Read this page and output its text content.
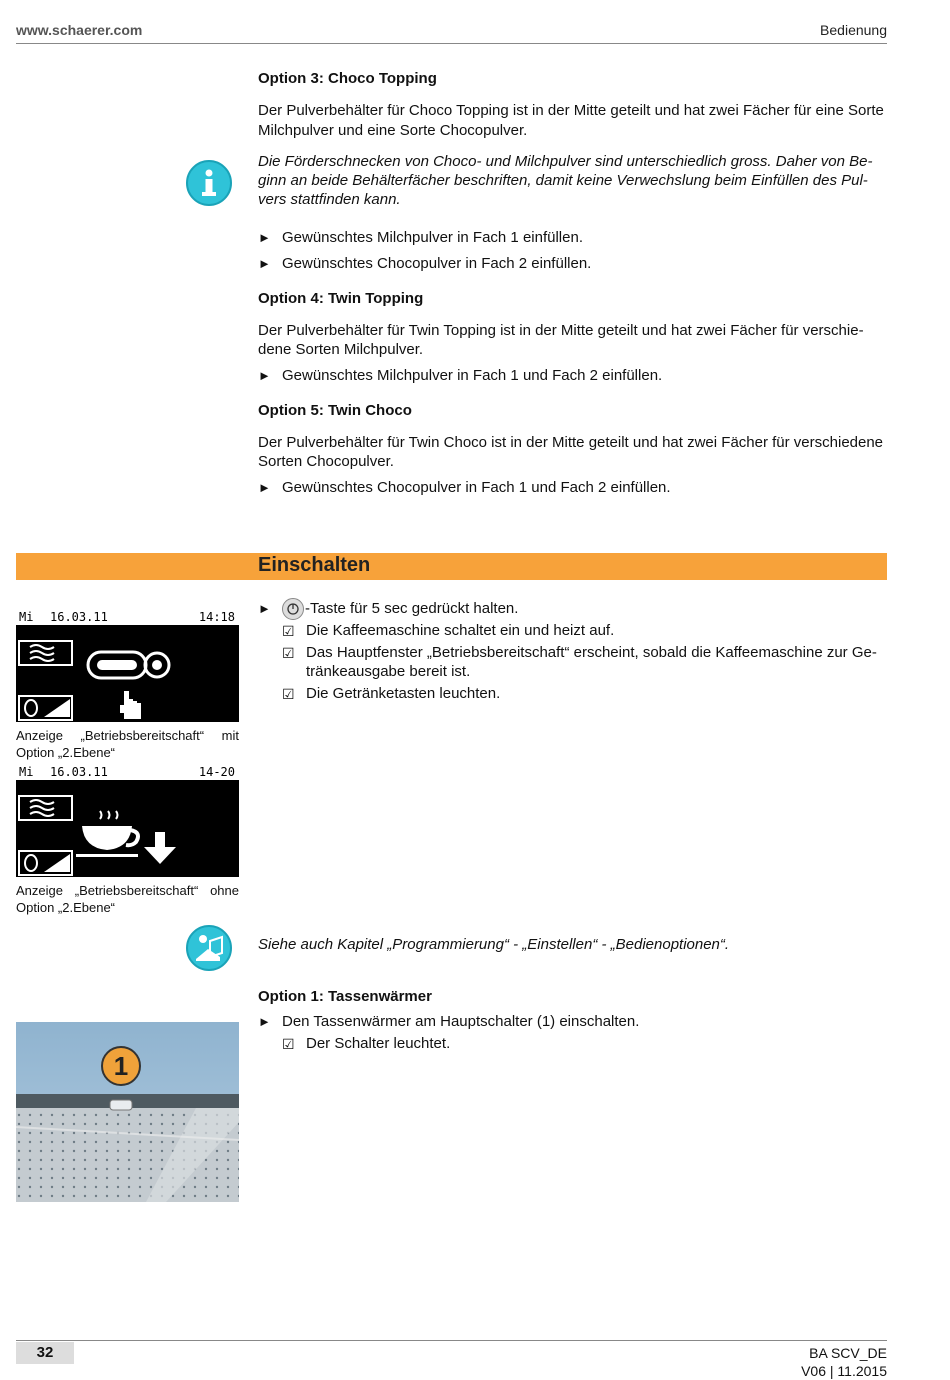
www.schaerer.com	Bedienung
Option 3: Choco Topping
Der Pulverbehälter für Choco Topping ist in der Mitte geteilt und hat zwei Fächer für eine Sorte Milchpulver und eine Sorte Chocopulver.
Die Förderschnecken von Choco- und Milchpulver sind unterschiedlich gross. Daher von Be-
ginn an beide Behälterfächer beschriften, damit keine Verwechslung beim Einfüllen des Pul-
vers stattfinden kann.
► Gewünschtes Milchpulver in Fach 1 einfüllen.
► Gewünschtes Chocopulver in Fach 2 einfüllen.
Option 4: Twin Topping
Der Pulverbehälter für Twin Topping ist in der Mitte geteilt und hat zwei Fächer für verschie-
dene Sorten Milchpulver.
► Gewünschtes Milchpulver in Fach 1 und Fach 2 einfüllen.
Option 5: Twin Choco
Der Pulverbehälter für Twin Choco ist in der Mitte geteilt und hat zwei Fächer für verschiedene
Sorten Chocopulver.
► Gewünschtes Chocopulver in Fach 1 und Fach 2 einfüllen.
Einschalten
Mi 16.03.11	14:18
Anzeige „Betriebsbereitschaft“ mit Option „2.Ebene“
Mi 16.03.11	14-20
Anzeige „Betriebsbereitschaft“ ohne Option „2.Ebene“
► -Taste für 5 sec gedrückt halten.
☑ Die Kaffeemaschine schaltet ein und heizt auf.
☑ Das Hauptfenster „Betriebsbereitschaft“ erscheint, sobald die Kaffeemaschine zur Ge-
tränkeausgabe bereit ist.
☑ Die Getränketasten leuchten.
Siehe auch Kapitel „Programmierung“ - „Einstellen“ - „Bedienoptionen“.
Option 1: Tassenwärmer
► Den Tassenwärmer am Hauptschalter (1) einschalten.
☑ Der Schalter leuchtet.
1
32	BA SCV_DE
V06 | 11.2015
